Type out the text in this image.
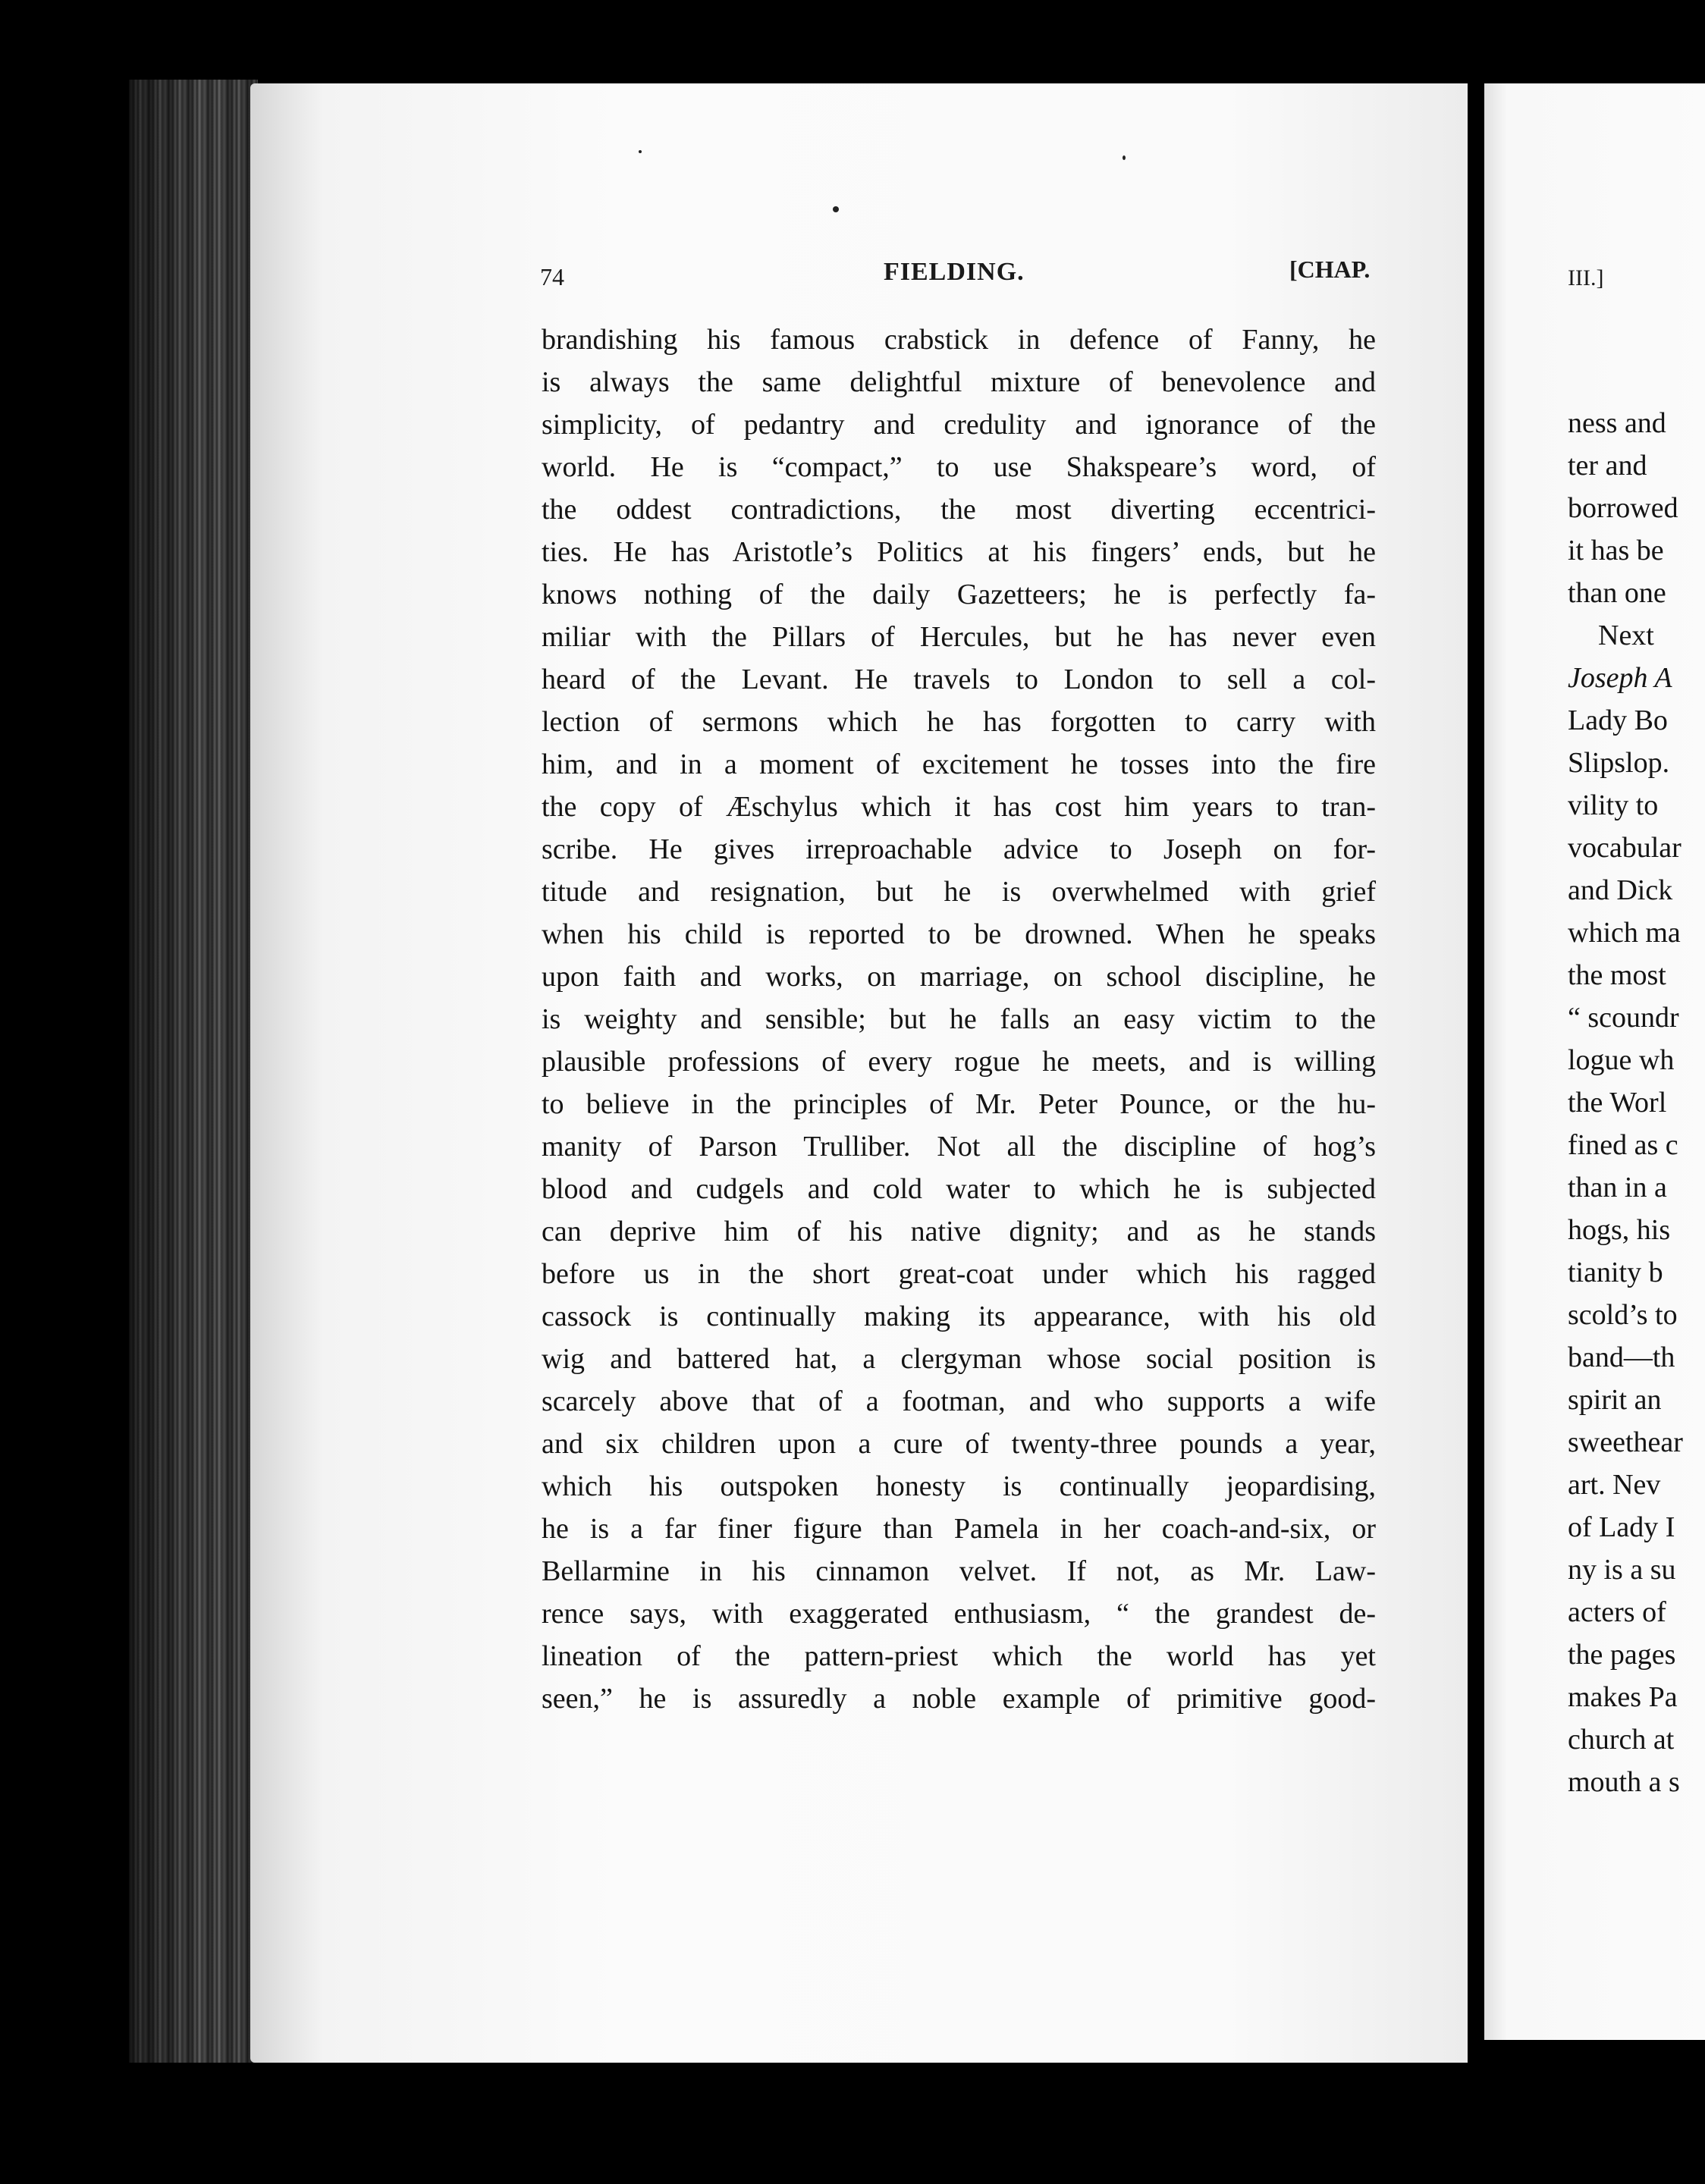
III.]
ness and
ter and
borrowed
it has be
than one
Next
Joseph A
Lady Bo
Slipslop.
vility to
vocabular
and Dick
which ma
the most
“ scoundr
logue wh
the Worl
fined as c
than in a
hogs, his
tianity b
scold’s to
band—th
spirit an
sweethear
art. Nev
of Lady I
ny is a su
acters of
the pages
makes Pa
church at
mouth a s
74	FIELDING.	[CHAP.
brandishing his famous crabstick in defence of Fanny, he
is always the same delightful mixture of benevolence and
simplicity, of pedantry and credulity and ignorance of the
world. He is “compact,” to use Shakspeare’s word, of
the oddest contradictions, the most diverting eccentrici-
ties. He has Aristotle’s Politics at his fingers’ ends, but he
knows nothing of the daily Gazetteers; he is perfectly fa-
miliar with the Pillars of Hercules, but he has never even
heard of the Levant. He travels to London to sell a col-
lection of sermons which he has forgotten to carry with
him, and in a moment of excitement he tosses into the fire
the copy of Æschylus which it has cost him years to tran-
scribe. He gives irreproachable advice to Joseph on for-
titude and resignation, but he is overwhelmed with grief
when his child is reported to be drowned. When he speaks
upon faith and works, on marriage, on school discipline, he
is weighty and sensible; but he falls an easy victim to the
plausible professions of every rogue he meets, and is willing
to believe in the principles of Mr. Peter Pounce, or the hu-
manity of Parson Trulliber. Not all the discipline of hog’s
blood and cudgels and cold water to which he is subjected
can deprive him of his native dignity; and as he stands
before us in the short great-coat under which his ragged
cassock is continually making its appearance, with his old
wig and battered hat, a clergyman whose social position is
scarcely above that of a footman, and who supports a wife
and six children upon a cure of twenty-three pounds a year,
which his outspoken honesty is continually jeopardising,
he is a far finer figure than Pamela in her coach-and-six, or
Bellarmine in his cinnamon velvet. If not, as Mr. Law-
rence says, with exaggerated enthusiasm, “ the grandest de-
lineation of the pattern-priest which the world has yet
seen,” he is assuredly a noble example of primitive good-
